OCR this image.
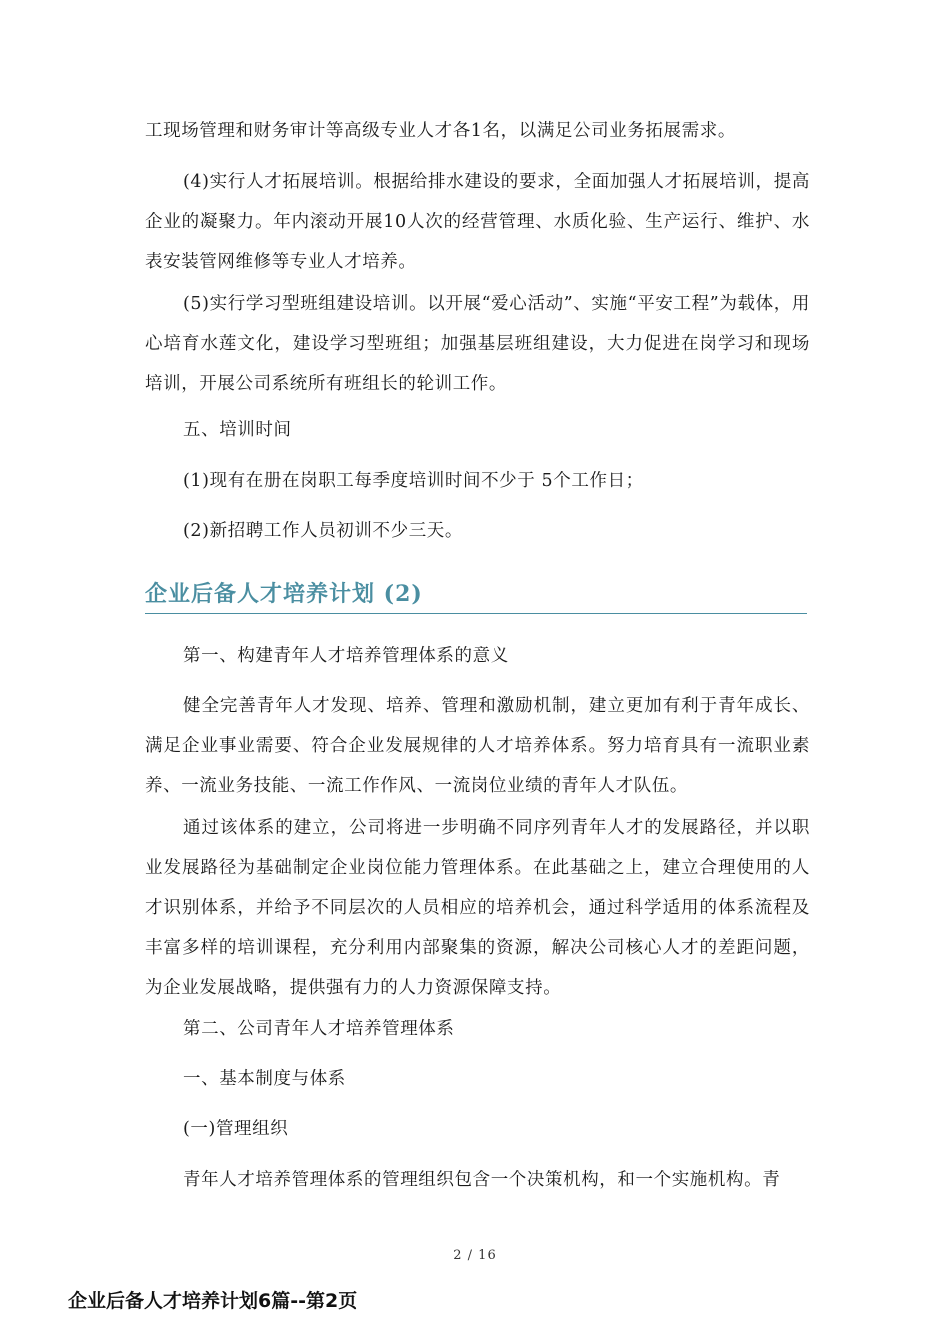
工现场管理和财务审计等高级专业人才各1名，以满足公司业务拓展需求。

(4)实行人才拓展培训。根据给排水建设的要求，全面加强人才拓展培训，提高企业的凝聚力。年内滚动开展10人次的经营管理、水质化验、生产运行、维护、水表安装管网维修等专业人才培养。

(5)实行学习型班组建设培训。以开展“爱心活动”、实施“平安工程”为载体，用心培育水莲文化，建设学习型班组；加强基层班组建设，大力促进在岗学习和现场培训，开展公司系统所有班组长的轮训工作。

五、培训时间

(1)现有在册在岗职工每季度培训时间不少于 5个工作日；

(2)新招聘工作人员初训不少三天。

企业后备人才培养计划 (2)

第一、构建青年人才培养管理体系的意义

健全完善青年人才发现、培养、管理和激励机制，建立更加有利于青年成长、满足企业事业需要、符合企业发展规律的人才培养体系。努力培育具有一流职业素养、一流业务技能、一流工作作风、一流岗位业绩的青年人才队伍。

通过该体系的建立，公司将进一步明确不同序列青年人才的发展路径，并以职业发展路径为基础制定企业岗位能力管理体系。在此基础之上，建立合理使用的人才识别体系，并给予不同层次的人员相应的培养机会，通过科学适用的体系流程及丰富多样的培训课程，充分利用内部聚集的资源，解决公司核心人才的差距问题，为企业发展战略，提供强有力的人力资源保障支持。

第二、公司青年人才培养管理体系

一、基本制度与体系

(一)管理组织

青年人才培养管理体系的管理组织包含一个决策机构，和一个实施机构。青

2 / 16

企业后备人才培养计划6篇--第2页
